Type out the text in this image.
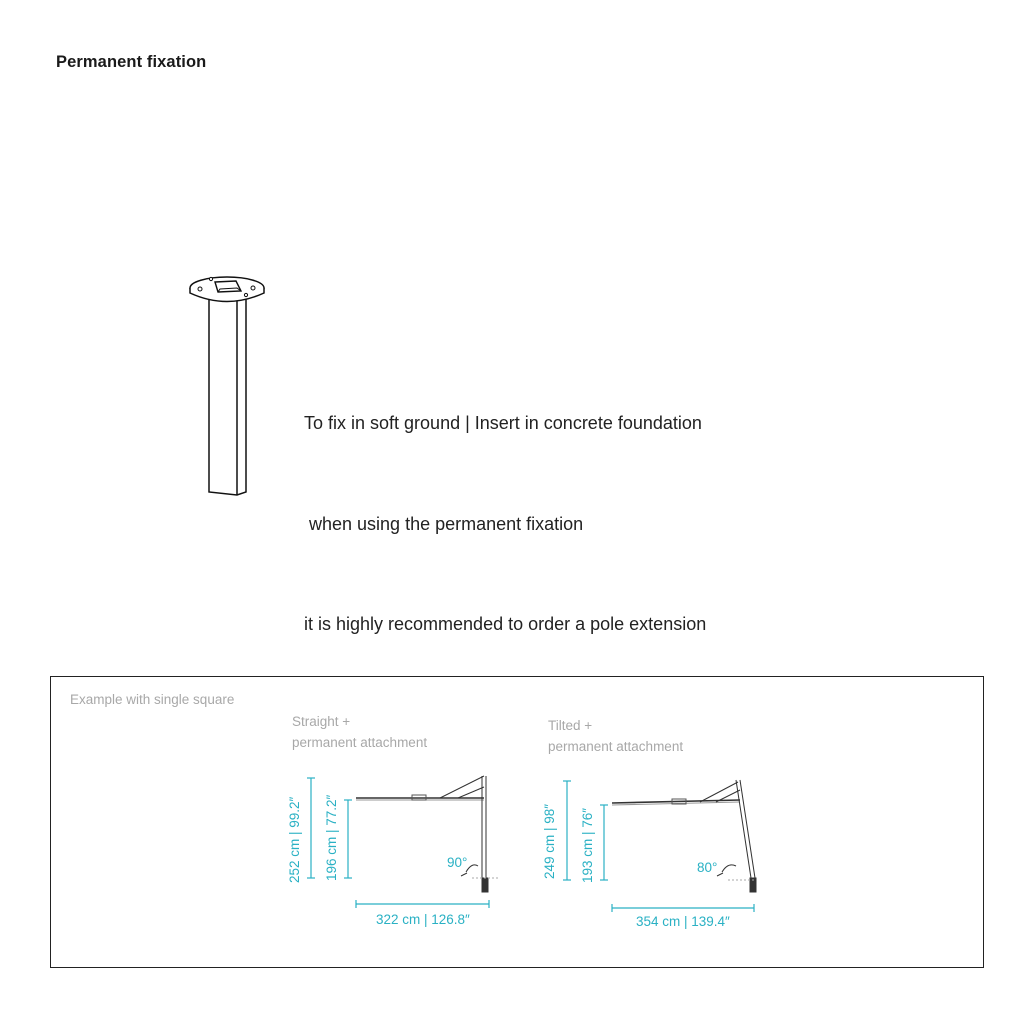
Permanent fixation

To fix in soft ground | Insert in concrete foundation

when using the permanent fixation

it is highly recommended to order a pole extension

Example with single square
Straight +
permanent attachment
Tilted +
permanent attachment
252 cm | 99.2″ 196 cm | 77.2″	90°
322 cm | 126.8″
249 cm | 98″ 193 cm | 76″	80°
354 cm | 139.4″
